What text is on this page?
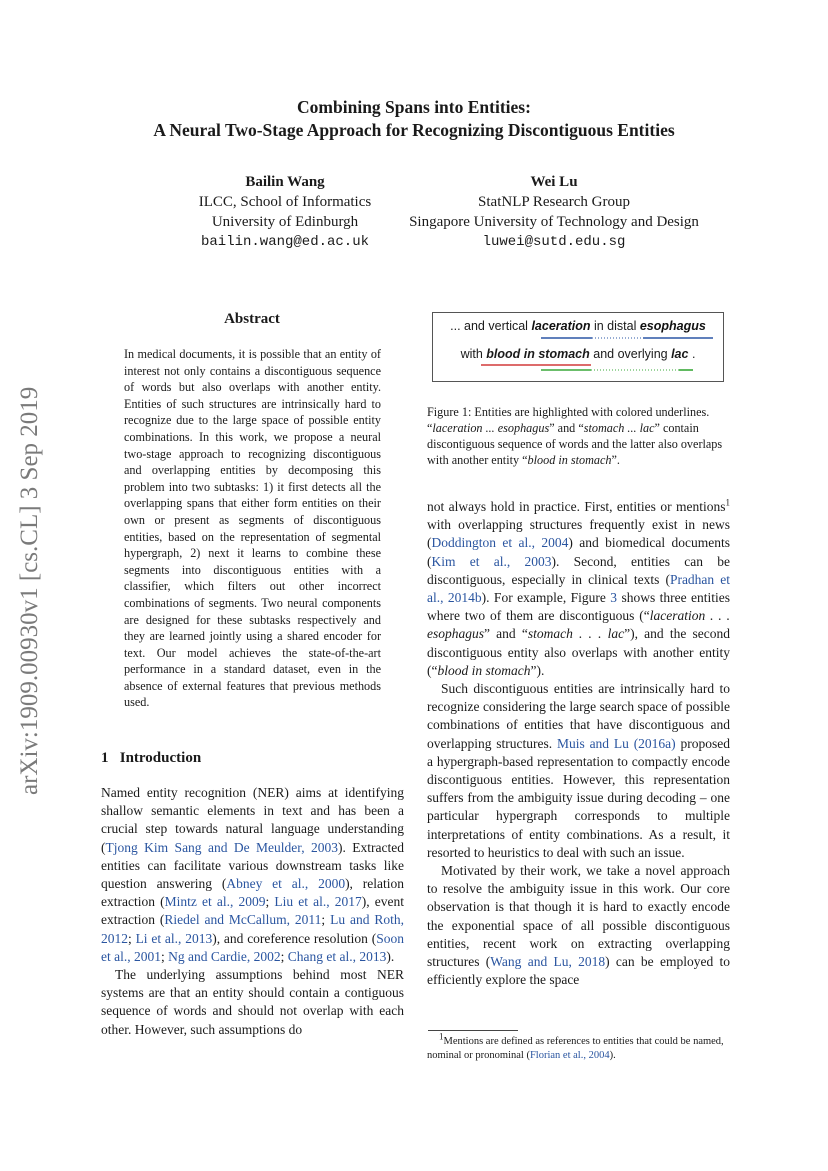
arXiv:1909.00930v1 [cs.CL] 3 Sep 2019
Combining Spans into Entities:
A Neural Two-Stage Approach for Recognizing Discontiguous Entities
Bailin Wang
ILCC, School of Informatics
University of Edinburgh
bailin.wang@ed.ac.uk
Wei Lu
StatNLP Research Group
Singapore University of Technology and Design
luwei@sutd.edu.sg
Abstract
In medical documents, it is possible that an entity of interest not only contains a discontiguous sequence of words but also overlaps with another entity. Entities of such structures are intrinsically hard to recognize due to the large space of possible entity combinations. In this work, we propose a neural two-stage approach to recognizing discontiguous and overlapping entities by decomposing this problem into two subtasks: 1) it first detects all the overlapping spans that either form entities on their own or present as segments of discontiguous entities, based on the representation of segmental hypergraph, 2) next it learns to combine these segments into discontiguous entities with a classifier, which filters out other incorrect combinations of segments. Two neural components are designed for these subtasks respectively and they are learned jointly using a shared encoder for text. Our model achieves the state-of-the-art performance in a standard dataset, even in the absence of external features that previous methods used.
... and vertical laceration in distal esophagus
with blood in stomach and overlying lac .
Figure 1: Entities are highlighted with colored underlines. “laceration ... esophagus” and “stomach ... lac” contain discontiguous sequence of words and the latter also overlaps with another entity “blood in stomach”.
1 Introduction

Named entity recognition (NER) aims at identifying shallow semantic elements in text and has been a crucial step towards natural language understanding (Tjong Kim Sang and De Meulder, 2003). Extracted entities can facilitate various downstream tasks like question answering (Abney et al., 2000), relation extraction (Mintz et al., 2009; Liu et al., 2017), event extraction (Riedel and McCallum, 2011; Lu and Roth, 2012; Li et al., 2013), and coreference resolution (Soon et al., 2001; Ng and Cardie, 2002; Chang et al., 2013).

The underlying assumptions behind most NER systems are that an entity should contain a contiguous sequence of words and should not overlap with each other. However, such assumptions do

not always hold in practice. First, entities or mentions$^1$ with overlapping structures frequently exist in news (Doddington et al., 2004) and biomedical documents (Kim et al., 2003). Second, entities can be discontiguous, especially in clinical texts (Pradhan et al., 2014b). For example, Figure 3 shows three entities where two of them are discontiguous (“laceration . . . esophagus” and “stomach . . . lac”), and the second discontiguous entity also overlaps with another entity (“blood in stomach”).

Such discontiguous entities are intrinsically hard to recognize considering the large search space of possible combinations of entities that have discontiguous and overlapping structures. Muis and Lu (2016a) proposed a hypergraph-based representation to compactly encode discontiguous entities. However, this representation suffers from the ambiguity issue during decoding – one particular hypergraph corresponds to multiple interpretations of entity combinations. As a result, it resorted to heuristics to deal with such an issue.

Motivated by their work, we take a novel approach to resolve the ambiguity issue in this work. Our core observation is that though it is hard to exactly encode the exponential space of all possible discontiguous entities, recent work on extracting overlapping structures (Wang and Lu, 2018) can be employed to efficiently explore the space

$^1$Mentions are defined as references to entities that could be named, nominal or pronominal (Florian et al., 2004).
